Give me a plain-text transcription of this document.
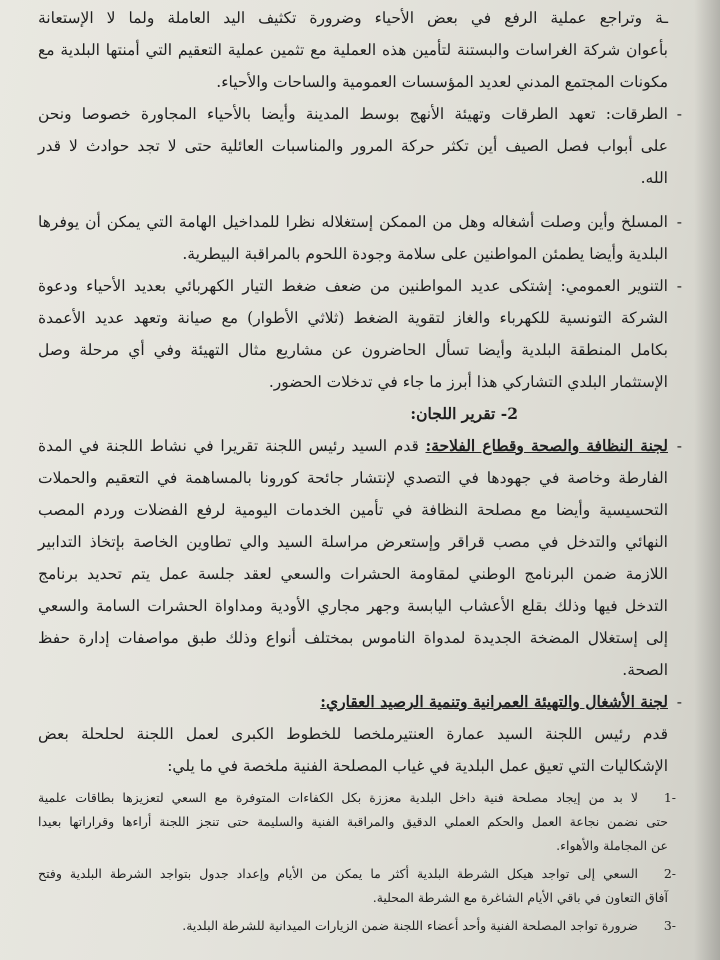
ـة وتراجع عملية الرفع في بعض الأحياء وضرورة تكثيف اليد العاملة ولما لا الإستعانة
بأعوان شركة الغراسات والبستنة لتأمين هذه العملية مع تثمين عملية التعقيم التي أمنتها البلدية مع
مكونات المجتمع المدني لعديد المؤسسات العمومية والساحات والأحياء.
-
الطرقات: تعهد الطرقات وتهيئة الأنهج بوسط المدينة وأيضا بالأحياء المجاورة خصوصا ونحن
على أبواب فصل الصيف أين تكثر حركة المرور والمناسبات العائلية حتى لا تجد حوادث لا قدر
الله.
-
المسلخ وأين وصلت أشغاله وهل من الممكن إستغلاله نظرا للمداخيل الهامة التي يمكن أن يوفرها
البلدية وأيضا يطمئن المواطنين على سلامة وجودة اللحوم بالمراقبة البيطرية.
-
التنوير العمومي: إشتكى عديد المواطنين من ضعف ضغط التيار الكهربائي بعديد الأحياء ودعوة
الشركة التونسية للكهرباء والغاز لتقوية الضغط (ثلاثي الأطوار) مع صيانة وتعهد عديد الأعمدة
بكامل المنطقة البلدية وأيضا تسأل الحاضرون عن مشاريع مثال التهيئة وفي أي مرحلة وصل
الإستثمار البلدي التشاركي هذا أبرز ما جاء في تدخلات الحضور.
2- تقرير اللجان:
-
لجنة النظافة والصحة وقطاع الفلاحة: قدم السيد رئيس اللجنة تقريرا في نشاط اللجنة في المدة
الفارطة وخاصة في جهودها في التصدي لإنتشار جائحة كورونا بالمساهمة في التعقيم والحملات
التحسيسية وأيضا مع مصلحة النظافة في تأمين الخدمات اليومية لرفع الفضلات وردم المصب
النهائي والتدخل في مصب قراقر وإستعرض مراسلة السيد والي تطاوين الخاصة بإتخاذ التدابير
اللازمة ضمن البرنامج الوطني لمقاومة الحشرات والسعي لعقد جلسة عمل يتم تحديد برنامج
التدخل فيها وذلك بقلع الأعشاب اليابسة وجهر مجاري الأودية ومداواة الحشرات السامة والسعي
إلى إستغلال المضخة الجديدة لمدواة الناموس بمختلف أنواع وذلك طبق مواصفات إدارة حفظ
الصحة.
-
لجنة الأشغال والتهيئة العمرانية وتنمية الرصيد العقاري:
قدم رئيس اللجنة السيد عمارة العنتيرملخصا للخطوط الكبرى لعمل اللجنة لحلحلة بعض
الإشكاليات التي تعيق عمل البلدية في غياب المصلحة الفنية ملخصة في ما يلي:
-1
لا بد من إيجاد مصلحة فنية داخل البلدية معززة بكل الكفاءات المتوفرة مع السعي لتعزيزها بطاقات علمية
حتى نضمن نجاعة العمل والحكم العملي الدقيق والمراقبة الفنية والسليمة حتى تنجز اللجنة أراءها وقراراتها بعيدا
عن المجاملة والأهواء.
-2
السعي إلى تواجد هيكل الشرطة البلدية أكثر ما يمكن من الأيام وإعداد جدول بتواجد الشرطة البلدية وفتح
آفاق التعاون في باقي الأيام الشاغرة مع الشرطة المحلية.
-3
ضرورة تواجد المصلحة الفنية وأحد أعضاء اللجنة ضمن الزيارات الميدانية للشرطة البلدية.
